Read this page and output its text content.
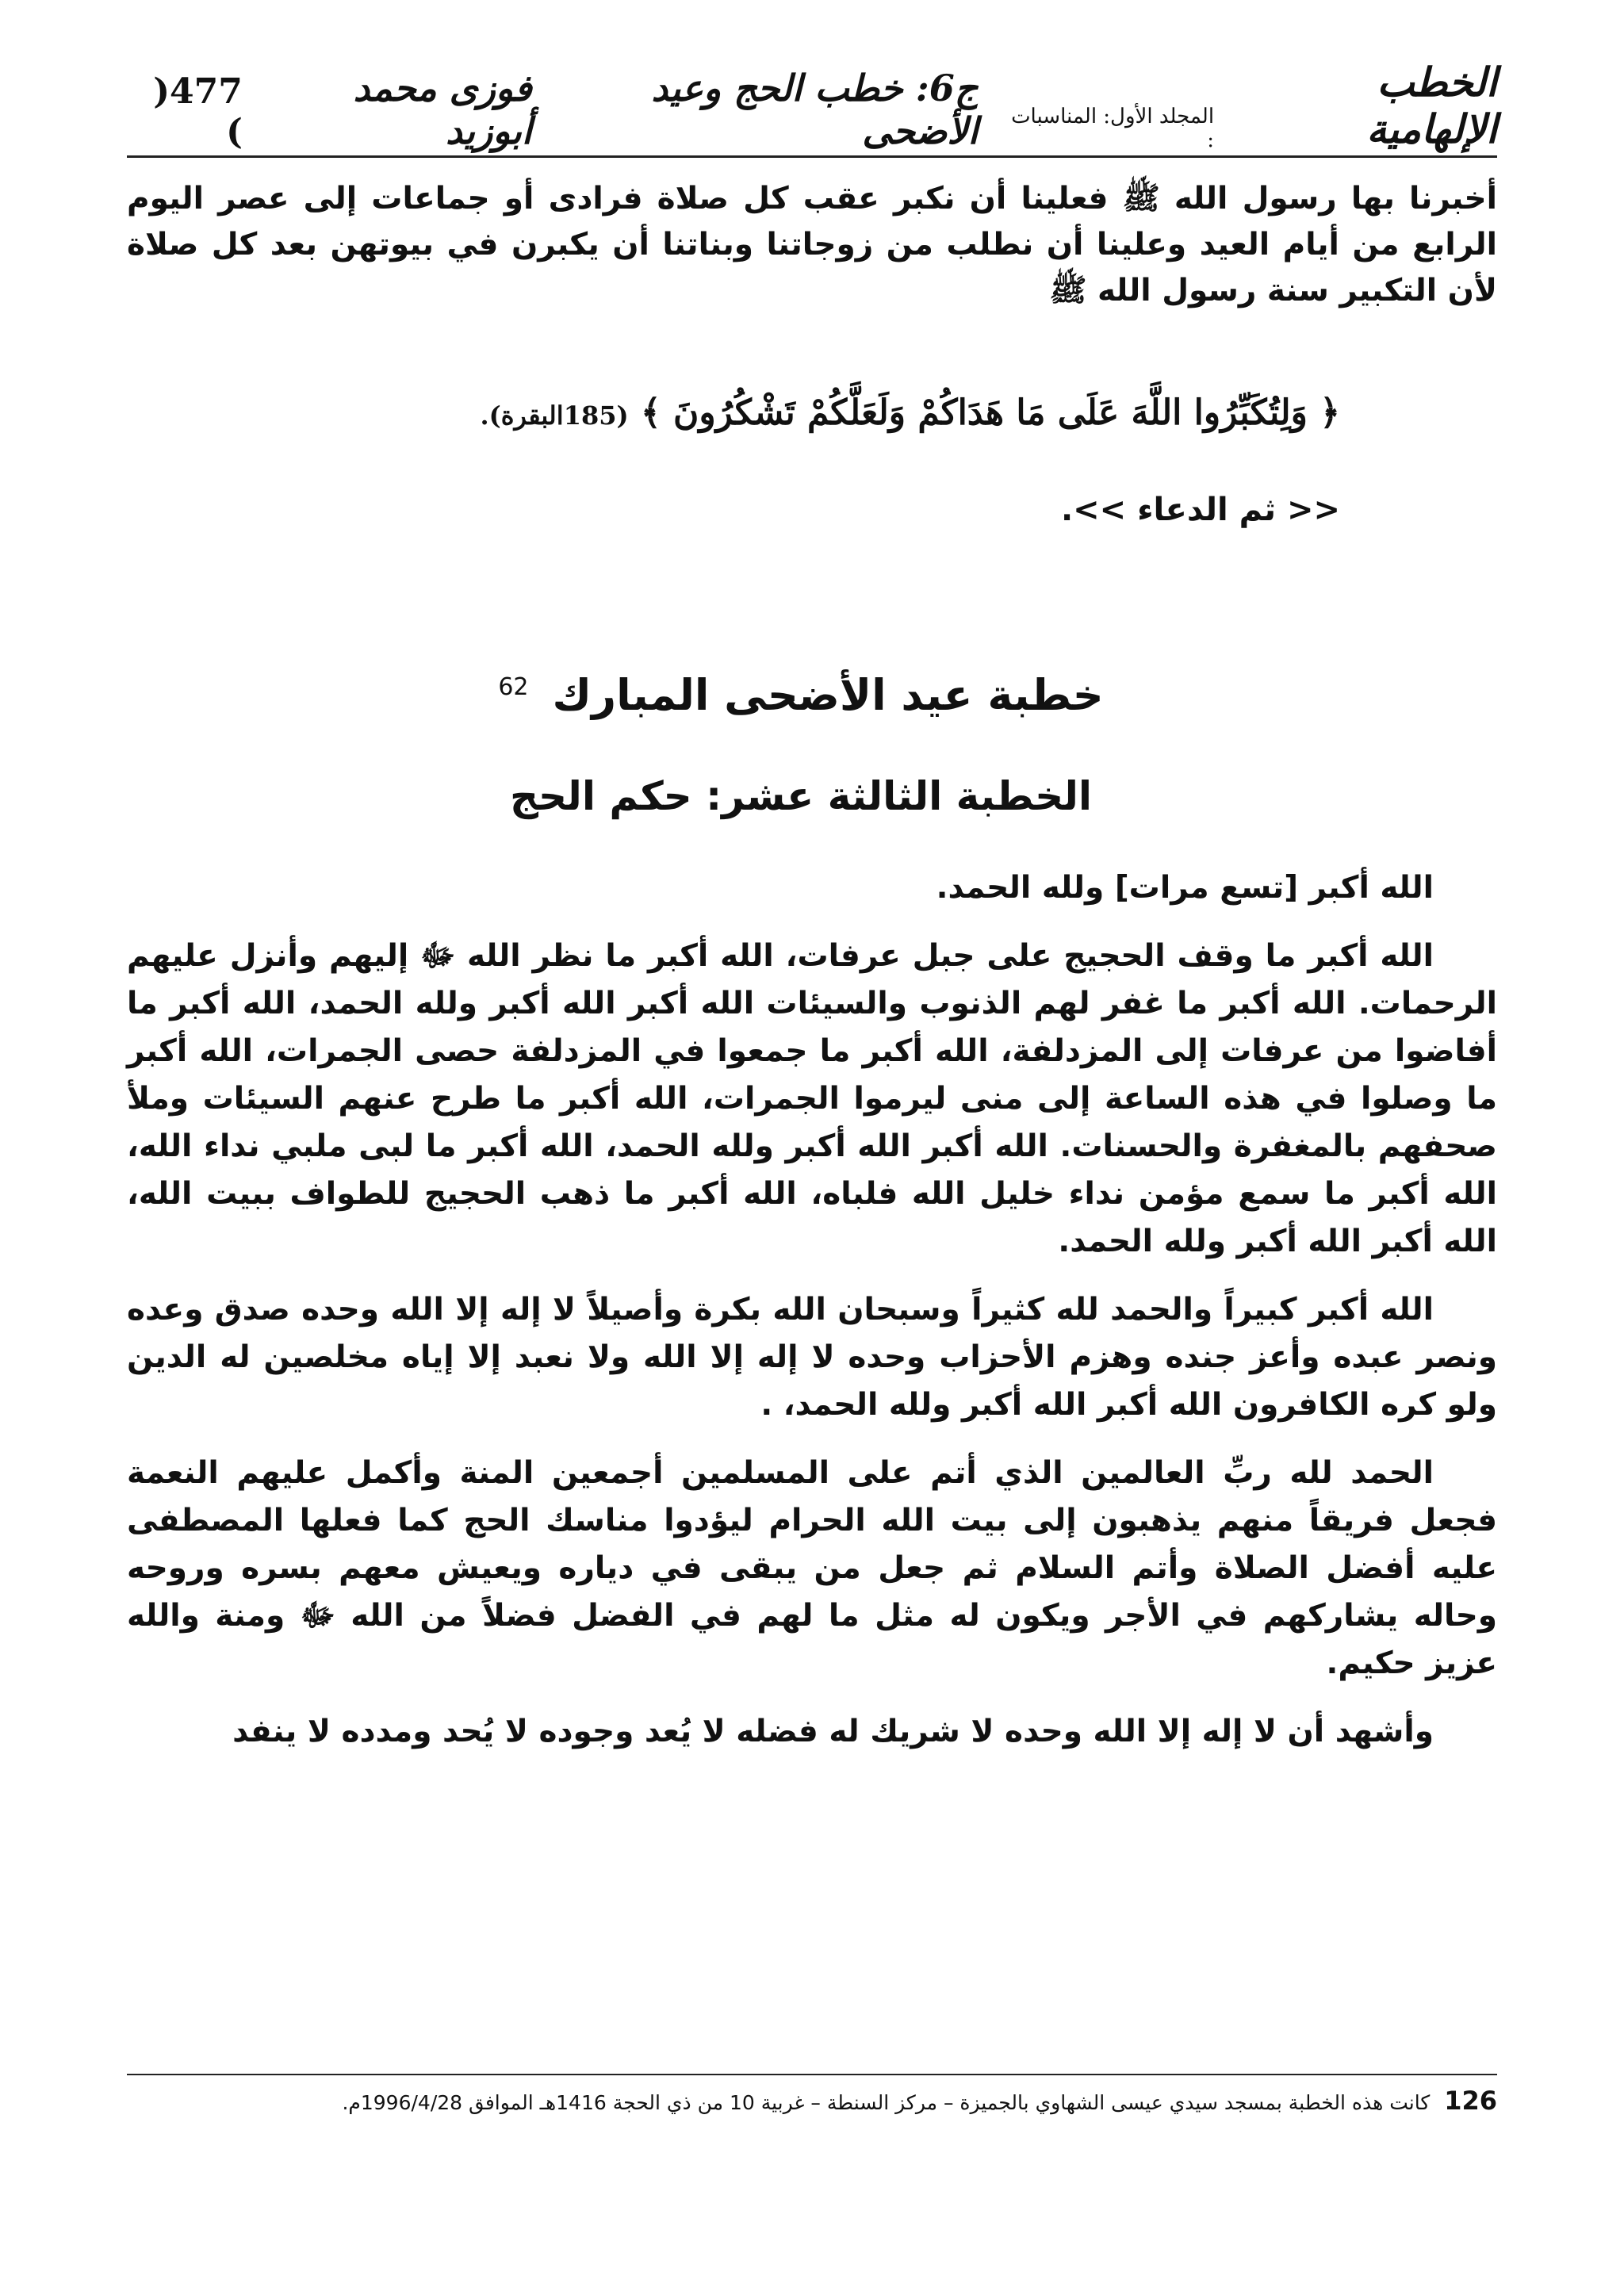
الخطب الإلهامية
المجلد الأول: المناسبات :
ج6: خطب الحج وعيد الأضحى
فوزى محمد أبوزيد
477( )

أخبرنا بها رسول الله ﷺ فعلينا أن نكبر عقب كل صلاة فرادى أو جماعات إلى عصر اليوم الرابع من أيام العيد وعلينا أن نطلب من زوجاتنا وبناتنا أن يكبرن في بيوتهن بعد كل صلاة لأن التكبير سنة رسول الله ﷺ

﴿ وَلِتُكَبِّرُوا اللَّهَ عَلَى مَا هَدَاكُمْ وَلَعَلَّكُمْ تَشْكُرُونَ ﴾ (185البقرة).
<< ثم الدعاء >>.
خطبة عيد الأضحى المبارك$^{62}$
الخطبة الثالثة عشر: حكم الحج

الله أكبر [تسع مرات] ولله الحمد.

الله أكبر ما وقف الحجيج على جبل عرفات، الله أكبر ما نظر الله ﷻ إليهم وأنزل عليهم الرحمات. الله أكبر ما غفر لهم الذنوب والسيئات الله أكبر الله أكبر ولله الحمد، الله أكبر ما أفاضوا من عرفات إلى المزدلفة، الله أكبر ما جمعوا في المزدلفة حصى الجمرات، الله أكبر ما وصلوا في هذه الساعة إلى منى ليرموا الجمرات، الله أكبر ما طرح عنهم السيئات وملأ صحفهم بالمغفرة والحسنات. الله أكبر الله أكبر ولله الحمد، الله أكبر ما لبى ملبي نداء الله، الله أكبر ما سمع مؤمن نداء خليل الله فلباه، الله أكبر ما ذهب الحجيج للطواف ببيت الله، الله أكبر الله أكبر ولله الحمد.

الله أكبر كبيراً والحمد لله كثيراً وسبحان الله بكرة وأصيلاً لا إله إلا الله وحده صدق وعده ونصر عبده وأعز جنده وهزم الأحزاب وحده لا إله إلا الله ولا نعبد إلا إياه مخلصين له الدين ولو كره الكافرون الله أكبر الله أكبر ولله الحمد، .

الحمد لله ربِّ العالمين الذي أتم على المسلمين أجمعين المنة وأكمل عليهم النعمة فجعل فريقاً منهم يذهبون إلى بيت الله الحرام ليؤدوا مناسك الحج كما فعلها المصطفى عليه أفضل الصلاة وأتم السلام ثم جعل من يبقى في دياره ويعيش معهم بسره وروحه وحاله يشاركهم في الأجر ويكون له مثل ما لهم في الفضل فضلاً من الله ﷻ ومنة والله عزيز حكيم.

وأشهد أن لا إله إلا الله وحده لا شريك له فضله لا يُعد وجوده لا يُحد ومدده لا ينفد

126 كانت هذه الخطبة بمسجد سيدي عيسى الشهاوي بالجميزة – مركز السنطة – غربية 10 من ذي الحجة 1416هـ الموافق 1996/4/28م.
